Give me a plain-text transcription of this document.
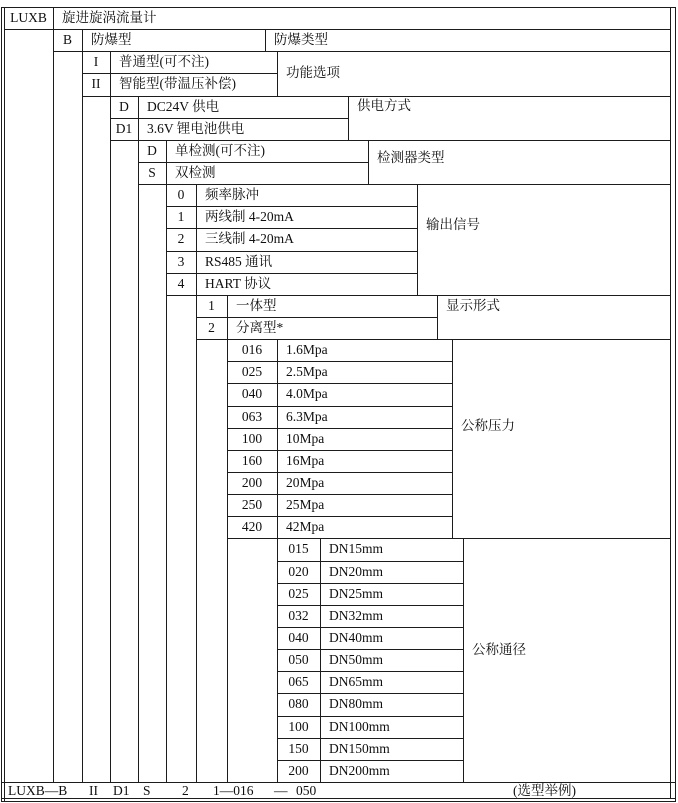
LUXB	旋进旋涡流量计
B	防爆型	防爆类型
I	普通型(可不注)
II	智能型(带温压补偿)
功能选项
D	DC24V 供电
D1	3.6V 锂电池供电
供电方式
D	单检测(可不注)
S	双检测
检测器类型
0	频率脉冲
1	两线制 4-20mA
2	三线制 4-20mA
3	RS485 通讯
4	HART 协议
输出信号
1	一体型
2	分离型*
显示形式
016	1.6Mpa
025	2.5Mpa
040	4.0Mpa
063	6.3Mpa
100	10Mpa
160	16Mpa
200	20Mpa
250	25Mpa
420	42Mpa
公称压力
015	DN15mm
020	DN20mm
025	DN25mm
032	DN32mm
040	DN40mm
050	DN50mm
065	DN65mm
080	DN80mm
100	DN100mm
150	DN150mm
200	DN200mm
公称通径
LUXB—B II D1 S 2 1—016 — 050	(选型举例)
